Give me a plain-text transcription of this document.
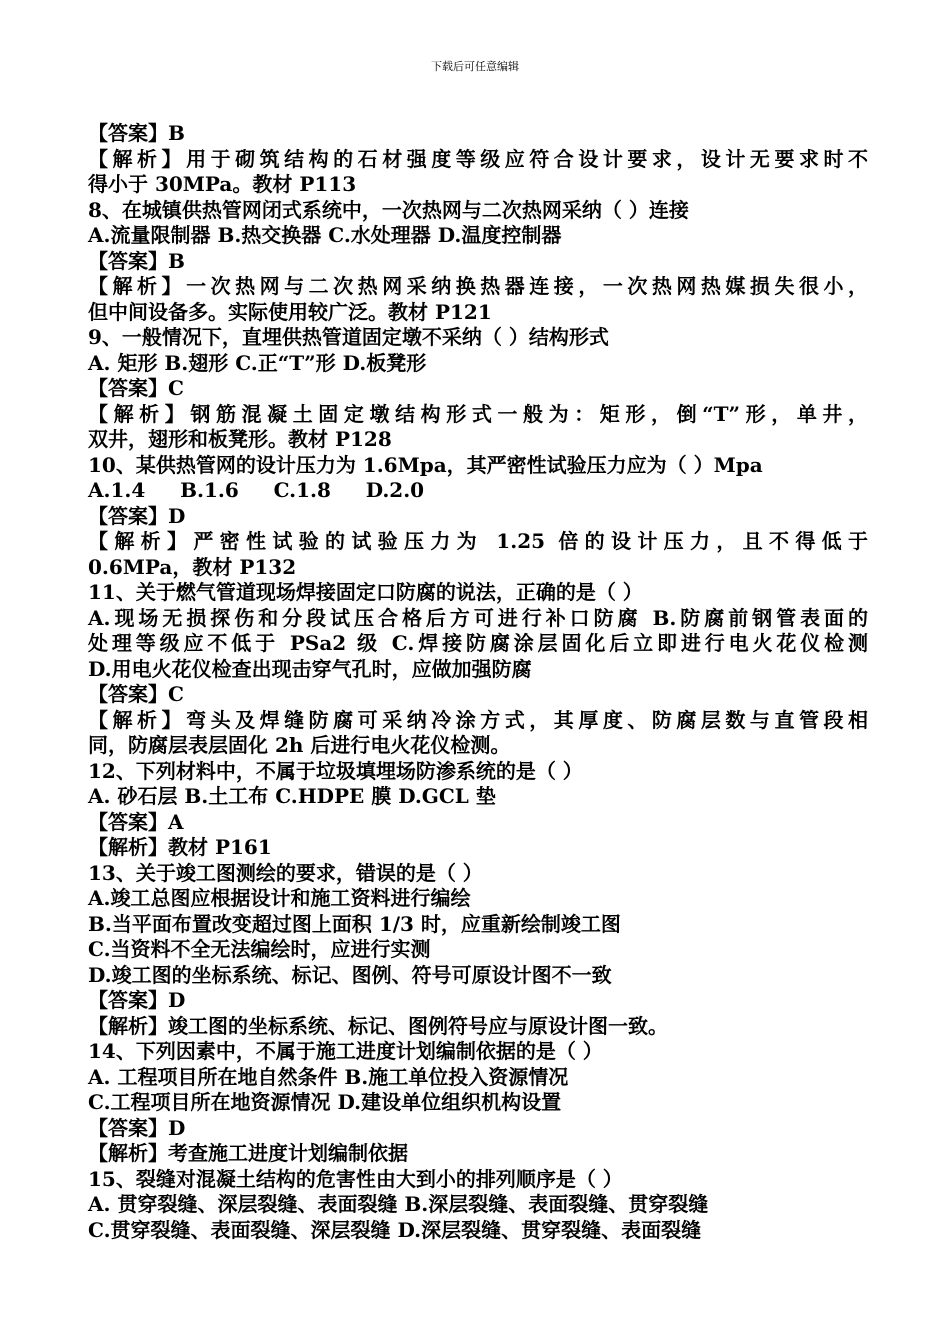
下载后可任意编辑
【答案】B
【解析】用于砌筑结构的石材强度等级应符合设计要求，设计无要求时不
得小于 30MPa。教材 P113
8、在城镇供热管网闭式系统中，一次热网与二次热网采纳（ ）连接
A.流量限制器 B.热交换器 C.水处理器 D.温度控制器
【答案】B
【解析】一次热网与二次热网采纳换热器连接，一次热网热媒损失很小，
但中间设备多。实际使用较广泛。教材 P121
9、一般情况下，直埋供热管道固定墩不采纳（ ）结构形式
A. 矩形 B.翅形 C.正“T”形 D.板凳形
【答案】C
【解析】钢筋混凝土固定墩结构形式一般为：矩形，倒“T”形，单井，
双井，翅形和板凳形。教材 P128
10、某供热管网的设计压力为 1.6Mpa，其严密性试验压力应为（ ）Mpa
A.1.4     B.1.6     C.1.8     D.2.0
【答案】D
【解析】严密性试验的试验压力为 1.25 倍的设计压力，且不得低于
0.6MPa，教材 P132
11、关于燃气管道现场焊接固定口防腐的说法，正确的是（ ）
A.现场无损探伤和分段试压合格后方可进行补口防腐 B.防腐前钢管表面的
处理等级应不低于 PSa2 级 C.焊接防腐涂层固化后立即进行电火花仪检测
D.用电火花仪检查出现击穿气孔时，应做加强防腐
【答案】C
【解析】弯头及焊缝防腐可采纳冷涂方式，其厚度、防腐层数与直管段相
同，防腐层表层固化 2h 后进行电火花仪检测。
12、下列材料中，不属于垃圾填埋场防渗系统的是（ ）
A. 砂石层 B.土工布 C.HDPE 膜 D.GCL 垫
【答案】A
【解析】教材 P161
13、关于竣工图测绘的要求，错误的是（ ）
A.竣工总图应根据设计和施工资料进行编绘
B.当平面布置改变超过图上面积 1/3 时，应重新绘制竣工图
C.当资料不全无法编绘时，应进行实测
D.竣工图的坐标系统、标记、图例、符号可原设计图不一致
【答案】D
【解析】竣工图的坐标系统、标记、图例符号应与原设计图一致。
14、下列因素中，不属于施工进度计划编制依据的是（ ）
A. 工程项目所在地自然条件 B.施工单位投入资源情况
C.工程项目所在地资源情况 D.建设单位组织机构设置
【答案】D
【解析】考查施工进度计划编制依据
15、裂缝对混凝土结构的危害性由大到小的排列顺序是（ ）
A. 贯穿裂缝、深层裂缝、表面裂缝 B.深层裂缝、表面裂缝、贯穿裂缝
C.贯穿裂缝、表面裂缝、深层裂缝 D.深层裂缝、贯穿裂缝、表面裂缝
